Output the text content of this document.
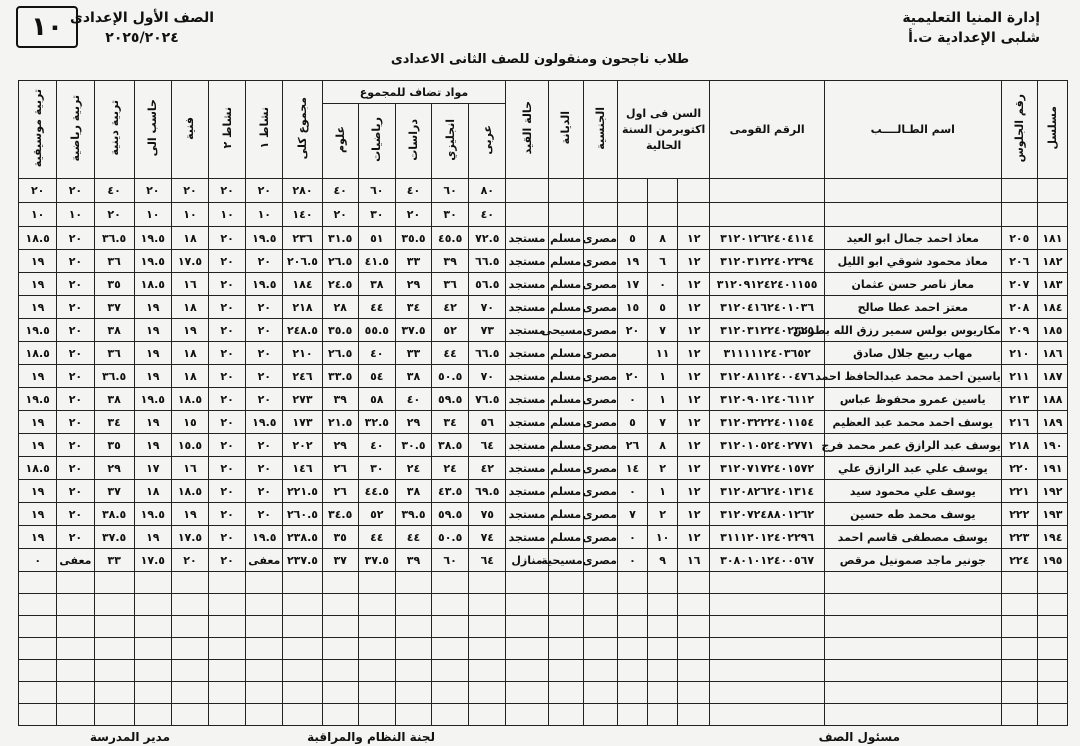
إدارة المنيا التعليمية
شلبى الإعدادية ت.أ
الصف الأول الإعدادى
٢٠٢٥/٢٠٢٤
١٠
طلاب ناجحون ومنقولون للصف الثانى الاعدادى
مسلسل	رقم الجلوس	اسم الطـالــــب	الرقم القومى	السن فى اول اكتوبرمن السنة الحالية			الجنسية	الديانة	حالة القيد	مواد تضاف للمجموع					مجموع كلى	نشاط ١	نشاط ٢	فنية	حاسب الى	تربية دينية	تربية رياضية	تربية موسيقية
										عربى	انجليزي	دراسات	رياضيات	علوم								
										٨٠	٦٠	٤٠	٦٠	٤٠	٢٨٠	٢٠	٢٠	٢٠	٢٠	٤٠	٢٠	٢٠
										٤٠	٣٠	٢٠	٣٠	٢٠	١٤٠	١٠	١٠	١٠	١٠	٢٠	١٠	١٠
١٨١	٢٠٥	معاذ احمد جمال ابو العيد	٣١٢٠١٢٦٢٤٠٤١١٤	١٢	٨	٥	مصرى	مسلم	مستجد	٧٢.٥	٤٥.٥	٣٥.٥	٥١	٣١.٥	٢٣٦	١٩.٥	٢٠	١٨	١٩.٥	٣٦.٥	٢٠	١٨.٥
١٨٢	٢٠٦	معاذ محمود شوقي ابو الليل	٣١٢٠٣١٢٢٤٠٢٣٩٤	١٢	٦	١٩	مصرى	مسلم	مستجد	٦٦.٥	٣٩	٣٣	٤١.٥	٢٦.٥	٢٠٦.٥	٢٠	٢٠	١٧.٥	١٩.٥	٣٦	٢٠	١٩
١٨٣	٢٠٧	معاز ناصر حسن عثمان	٣١٢٠٩١٢٤٢٤٠١١٥٥	١٢	٠	١٧	مصرى	مسلم	مستجد	٥٦.٥	٣٦	٢٩	٣٨	٢٤.٥	١٨٤	١٩.٥	٢٠	١٦	١٨.٥	٣٥	٢٠	١٩
١٨٤	٢٠٨	معتز احمد عطا صالح	٣١٢٠٤١٦٢٤٠١٠٣٦	١٢	٥	١٥	مصرى	مسلم	مستجد	٧٠	٤٢	٣٤	٤٤	٢٨	٢١٨	٢٠	٢٠	١٨	١٩	٣٧	٢٠	١٩
١٨٥	٢٠٩	مكاريوس بولس سمير رزق الله بطرس	٣١٢٠٣١٢٢٤٠٢٣٢٥	١٢	٧	٢٠	مصرى	مسيحى	مستجد	٧٣	٥٢	٣٧.٥	٥٥.٥	٣٥.٥	٢٤٨.٥	٢٠	٢٠	١٩	١٩	٣٨	٢٠	١٩.٥
١٨٦	٢١٠	مهاب ربيع جلال صادق	٣١١١١١٢٤٠٣٦٥٢	١٢	١١		مصرى	مسلم	مستجد	٦٦.٥	٤٤	٣٣	٤٠	٢٦.٥	٢١٠	٢٠	٢٠	١٨	١٩	٣٦	٢٠	١٨.٥
١٨٧	٢١١	ياسين احمد محمد عبدالحافظ احمد	٣١٢٠٨١١٢٤٠٠٤٧٦	١٢	١	٢٠	مصرى	مسلم	مستجد	٧٠	٥٠.٥	٣٨	٥٤	٣٣.٥	٢٤٦	٢٠	٢٠	١٨	١٩	٣٦.٥	٢٠	١٩
١٨٨	٢١٣	ياسين عمرو محفوظ عباس	٣١٢٠٩٠١٢٤٠٦١١٢	١٢	١	٠	مصرى	مسلم	مستجد	٧٦.٥	٥٩.٥	٤٠	٥٨	٣٩	٢٧٣	٢٠	٢٠	١٨.٥	١٩.٥	٣٨	٢٠	١٩.٥
١٨٩	٢١٦	يوسف احمد محمد عبد العظيم	٣١٢٠٣٢٢٢٤٠١١٥٤	١٢	٧	٥	مصرى	مسلم	مستجد	٥٦	٣٤	٢٩	٣٢.٥	٢١.٥	١٧٣	١٩.٥	٢٠	١٥	١٩	٣٤	٢٠	١٩
١٩٠	٢١٨	يوسف عبد الرازق عمر محمد فرج	٣١٢٠١٠٥٢٤٠٢٧٧١	١٢	٨	٢٦	مصرى	مسلم	مستجد	٦٤	٣٨.٥	٣٠.٥	٤٠	٢٩	٢٠٢	٢٠	٢٠	١٥.٥	١٩	٣٥	٢٠	١٩
١٩١	٢٢٠	يوسف علي عبد الرازق علي	٣١٢٠٧١٧٢٤٠١٥٧٢	١٢	٢	١٤	مصرى	مسلم	مستجد	٤٢	٢٤	٢٤	٣٠	٢٦	١٤٦	٢٠	٢٠	١٦	١٧	٢٩	٢٠	١٨.٥
١٩٢	٢٢١	يوسف علي محمود سيد	٣١٢٠٨٢٦٢٤٠١٣١٤	١٢	١	٠	مصرى	مسلم	مستجد	٦٩.٥	٤٣.٥	٣٨	٤٤.٥	٢٦	٢٢١.٥	٢٠	٢٠	١٨.٥	١٨	٣٧	٢٠	١٩
١٩٣	٢٢٢	يوسف محمد طه حسين	٣١٢٠٧٢٤٨٨٠١٢٦٢	١٢	٢	٧	مصرى	مسلم	مستجد	٧٥	٥٩.٥	٣٩.٥	٥٢	٣٤.٥	٢٦٠.٥	٢٠	٢٠	١٩	١٩.٥	٣٨.٥	٢٠	١٩
١٩٤	٢٢٣	يوسف مصطفى قاسم احمد	٣١١١٢٠١٢٤٠٢٢٩٦	١٢	١٠	٠	مصرى	مسلم	مستجد	٧٤	٥٠.٥	٤٤	٤٤	٣٥	٢٣٨.٥	١٩.٥	٢٠	١٧.٥	١٩	٣٧.٥	٢٠	١٩
١٩٥	٢٢٤	جونير ماجد صمونيل مرقص	٣٠٨٠١٠١٢٤٠٠٥٦٧	١٦	٩	٠	مصرى	مسيحية	منازل	٦٤	٦٠	٣٩	٣٧.٥	٣٧	٢٣٧.٥	معفى	٢٠	٢٠	١٧.٥	٣٣	معفى	٠

مسئول الصف
لجنة النظام والمراقبة
مدير المدرسة
